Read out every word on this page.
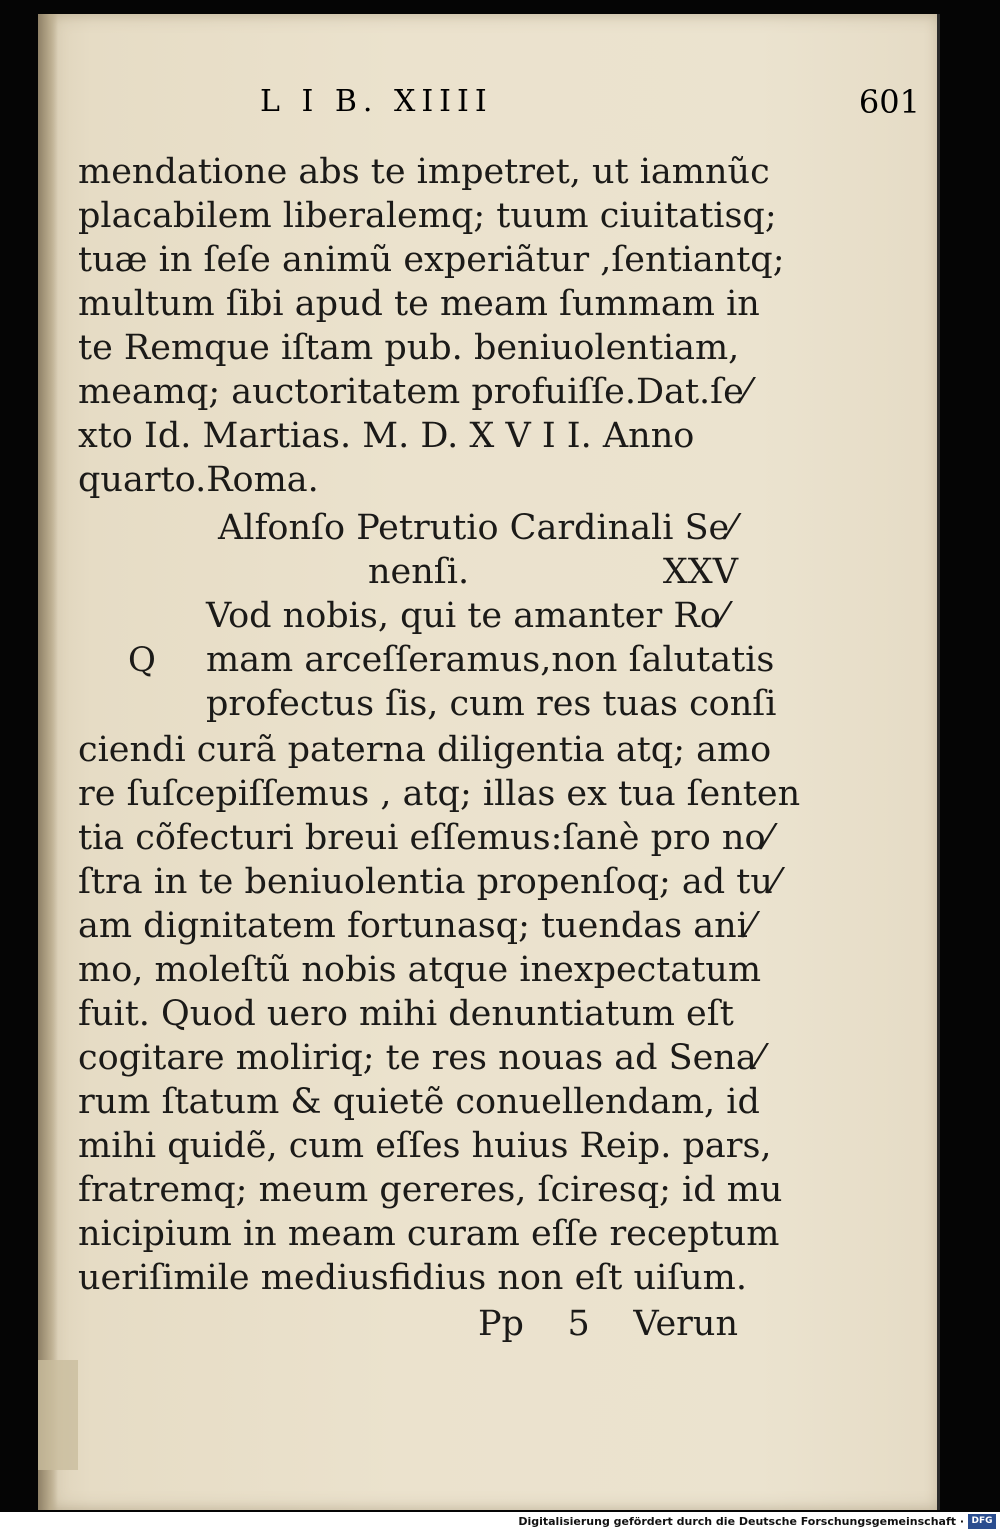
L I B. XIIII	601
mendatione abs te impetret, ut iamnũc
placabilem liberalemq; tuum ciuitatisq;
tuæ in ſeſe animũ experiãtur ,ſentiantq;
multum ſibi apud te meam ſummam in
te Remque iſtam pub. beniuolentiam,
meamq; auctoritatem profuiſſe.Dat.ſe⁄
xto Id. Martias. M. D. X V I I. Anno
quarto.Roma.
Alfonſo Petrutio Cardinali Se⁄
nenſi.	XXV
Vod nobis, qui te amanter Ro⁄
Q mam arceſſeramus,non ſalutatis
profectus ſis, cum res tuas conſi
ciendi curã paterna diligentia atq; amo
re ſuſcepiſſemus , atq; illas ex tua ſenten
tia cõfecturi breui eſſemus:ſanè pro no⁄
ſtra in te beniuolentia propenſoq; ad tu⁄
am dignitatem fortunasq; tuendas ani⁄
mo, moleſtũ nobis atque inexpectatum
fuit. Quod uero mihi denuntiatum eſt
cogitare moliriq; te res nouas ad Sena⁄
rum ſtatum & quietẽ conuellendam, id
mihi quidẽ, cum eſſes huius Reip. pars,
fratremq; meum gereres, ſciresq; id mu
nicipium in meam curam eſſe receptum
ueriſimile mediusfidius non eſt uiſum.
Pp 5 Verun
Digitalisierung gefördert durch die Deutsche Forschungsgemeinschaft · DFG
